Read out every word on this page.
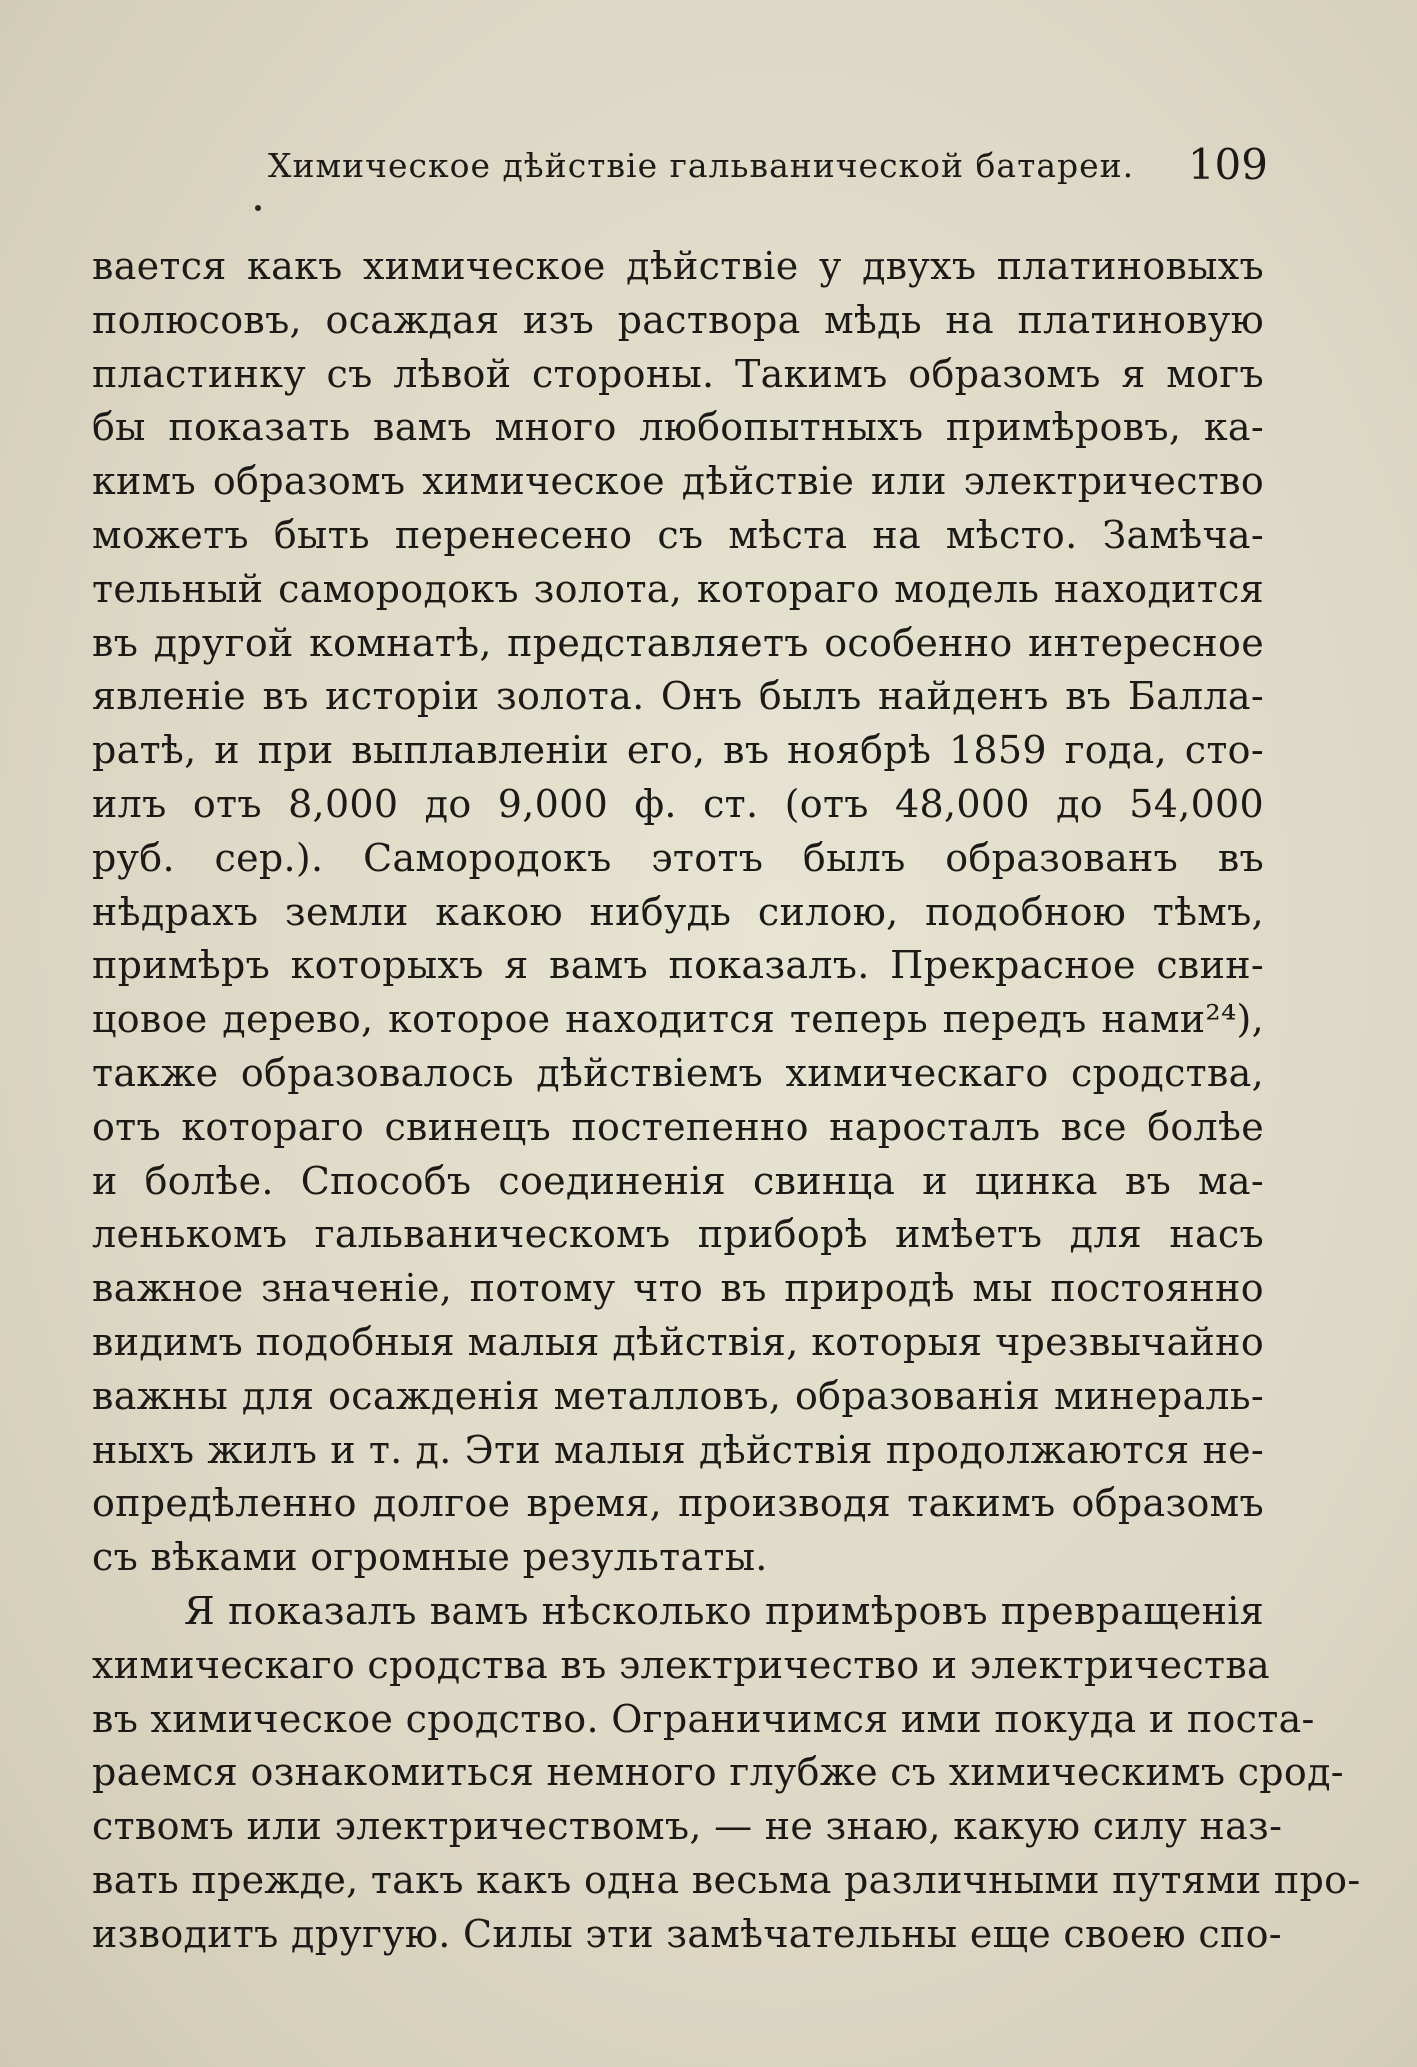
Химическое дѣйствіе гальванической батареи. 109
вается какъ химическое дѣйствіе у двухъ платиновыхъ
полюсовъ, осаждая изъ раствора мѣдь на платиновую
пластинку съ лѣвой стороны. Такимъ образомъ я могъ
бы показать вамъ много любопытныхъ примѣровъ, ка-
кимъ образомъ химическое дѣйствіе или электричество
можетъ быть перенесено съ мѣста на мѣсто. Замѣча-
тельный самородокъ золота, котораго модель находится
въ другой комнатѣ, представляетъ особенно интересное
явленіе въ исторіи золота. Онъ былъ найденъ въ Балла-
ратѣ, и при выплавленіи его, въ ноябрѣ 1859 года, сто-
илъ отъ 8,000 до 9,000 ф. ст. (отъ 48,000 до 54,000
руб. сер.). Самородокъ этотъ былъ образованъ въ
нѣдрахъ земли какою нибудь силою, подобною тѣмъ,
примѣръ которыхъ я вамъ показалъ. Прекрасное свин-
цовое дерево, которое находится теперь передъ нами²⁴),
также образовалось дѣйствіемъ химическаго сродства,
отъ котораго свинецъ постепенно наросталъ все болѣе
и болѣе. Способъ соединенія свинца и цинка въ ма-
ленькомъ гальваническомъ приборѣ имѣетъ для насъ
важное значеніе, потому что въ природѣ мы постоянно
видимъ подобныя малыя дѣйствія, которыя чрезвычайно
важны для осажденія металловъ, образованія минераль-
ныхъ жилъ и т. д. Эти малыя дѣйствія продолжаются не-
опредѣленно долгое время, производя такимъ образомъ
съ вѣками огромные результаты.
Я показалъ вамъ нѣсколько примѣровъ превращенія
химическаго сродства въ электричество и электричества
въ химическое сродство. Ограничимся ими покуда и поста-
раемся ознакомиться немного глубже съ химическимъ срод-
ствомъ или электричествомъ, — не знаю, какую силу наз-
вать прежде, такъ какъ одна весьма различными путями про-
изводитъ другую. Силы эти замѣчательны еще своею спо-
